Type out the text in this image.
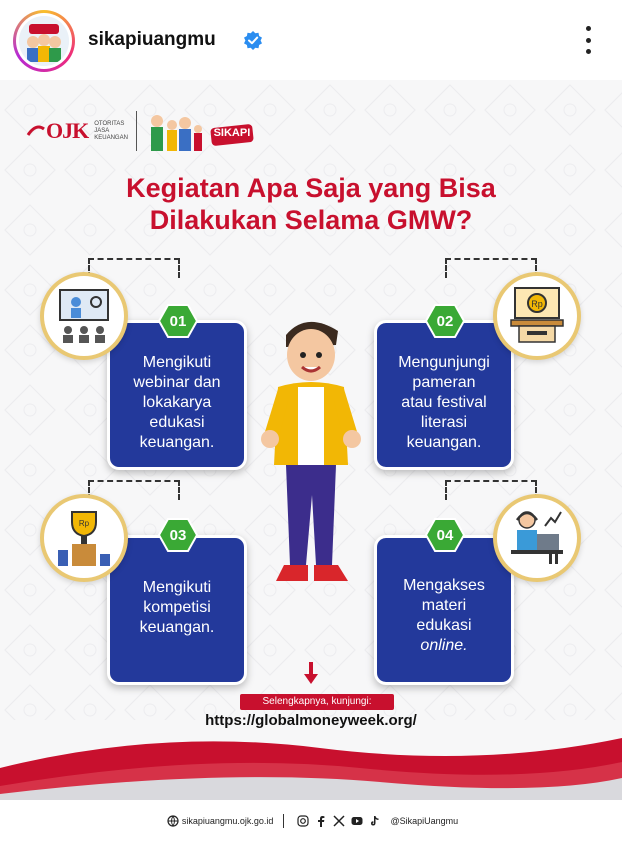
sikapiuangmu
OJK OTORITAS
JASA
KEUANGAN	SIKAPI
Kegiatan Apa Saja yang Bisa
Dilakukan Selama GMW?
Mengikuti
webinar dan
lokakarya
edukasi
keuangan.
Mengunjungi
pameran
atau festival
literasi
keuangan.
Mengikuti
kompetisi
keuangan.
Mengakses
materi
edukasi
online.
01	02
03	04
Rp
Rp
Selengkapnya, kunjungi:
https://globalmoneyweek.org/
sikapiuangmu.ojk.go.id	@SikapiUangmu
